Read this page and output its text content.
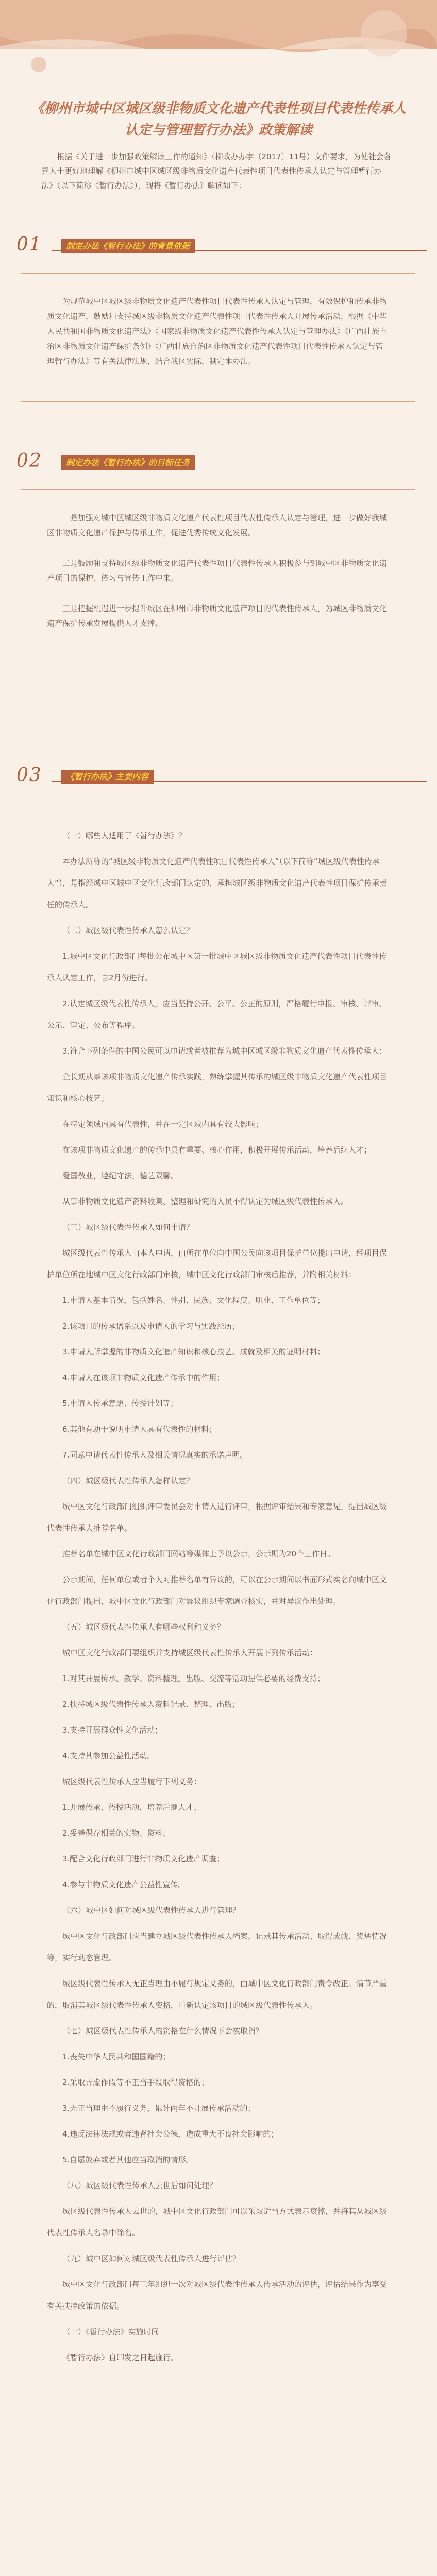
《柳州市城中区城区级非物质文化遗产代表性项目代表性传承人认定与管理暂行办法》政策解读
根据《关于进一步加强政策解读工作的通知》（柳政办办字〔2017〕11号）文件要求，为使社会各界人士更好地理解《柳州市城中区城区级非物质文化遗产代表性项目代表性传承人认定与管理暂行办法》（以下简称《暂行办法》），现将《暂行办法》解读如下：
01	制定办法《暂行办法》的背景依据

为规范城中区城区级非物质文化遗产代表性项目代表性传承人认定与管理，有效保护和传承非物质文化遗产，鼓励和支持城区级非物质文化遗产代表性项目代表性传承人开展传承活动，根据《中华人民共和国非物质文化遗产法》《国家级非物质文化遗产代表性传承人认定与管理办法》《广西壮族自治区非物质文化遗产保护条例》《广西壮族自治区非物质文化遗产代表性项目代表性传承人认定与管理暂行办法》等有关法律法规，结合我区实际，制定本办法。

02	制定办法《暂行办法》的目标任务

一是加强对城中区城区级非物质文化遗产代表性项目代表性传承人认定与管理，进一步做好我城区非物质文化遗产保护与传承工作，促进优秀传统文化发展。

二是鼓励和支持城区级非物质文化遗产代表性项目代表性传承人积极参与到城中区非物质文化遗产项目的保护、传习与宣传工作中来。

三是把握机遇进一步提升城区在柳州市非物质文化遗产项目的代表性传承人，为城区非物质文化遗产保护传承发展提供人才支撑。

03	《暂行办法》主要内容

（一）哪些人适用于《暂行办法》？

本办法所称的“城区级非物质文化遗产代表性项目代表性传承人”（以下简称“城区级代表性传承人”），是指经城中区城中区文化行政部门认定的，承担城区级非物质文化遗产代表性项目保护传承责任的传承人。

（二）城区级代表性传承人怎么认定？

1.城中区文化行政部门每批公布城中区第一批城中区城区级非物质文化遗产代表性项目代表性传承人认定工作，自2月份进行。

2.认定城区级代表性传承人，应当坚持公开、公平、公正的原则，严格履行申报、审核、评审、公示、审定、公布等程序。

3.符合下列条件的中国公民可以申请或者被推荐为城中区城区级非物质文化遗产代表性传承人：

企长期从事该项非物质文化遗产传承实践，熟练掌握其传承的城区级非物质文化遗产代表性项目知识和核心技艺；

在特定领域内具有代表性，并在一定区域内具有较大影响；

在该项非物质文化遗产的传承中具有重要、核心作用，积极开展传承活动，培养后继人才；

爱国敬业，遵纪守法，德艺双馨。

从事非物质文化遗产资料收集、整理和研究的人员不得认定为城区级代表性传承人。

（三）城区级代表性传承人如何申请？

城区级代表性传承人由本人申请，由所在单位向中国公民向该项目保护单位提出申请，经项目保护单位所在地城中区文化行政部门审核，城中区文化行政部门审核后推荐，并附相关材料：

1.申请人基本情况，包括姓名、性别、民族、文化程度、职业、工作单位等；

2.该项目的传承谱系以及申请人的学习与实践经历；

3.申请人所掌握的非物质文化遗产知识和核心技艺、成就及相关的证明材料；

4.申请人在该项非物质文化遗产传承中的作用；

5.申请人传承意愿、传授计划等；

6.其他有助于说明申请人具有代表性的材料；

7.同意申请代表性传承人及相关情况真实的承诺声明。

（四）城区级代表性传承人怎样认定？

城中区文化行政部门组织评审委员会对申请人进行评审，根据评审结果和专家意见，提出城区级代表性传承人推荐名单。

推荐名单在城中区文化行政部门网站等媒体上予以公示，公示期为20个工作日。

公示期间，任何单位或者个人对推荐名单有异议的，可以在公示期间以书面形式实名向城中区文化行政部门提出，城中区文化行政部门对异议组织专家调查核实，并对异议作出处理。

（五）城区级代表性传承人有哪些权利和义务？

城中区文化行政部门要组织并支持城区级代表性传承人开展下列传承活动：

1.对其开展传承、教学、资料整理、出版、交流等活动提供必要的经费支持；

2.扶持城区级代表性传承人资料记录、整理、出版；

3.支持开展群众性文化活动；

4.支持其参加公益性活动。

城区级代表性传承人应当履行下列义务：

1.开展传承、传授活动，培养后继人才；

2.妥善保存相关的实物、资料；

3.配合文化行政部门进行非物质文化遗产调查；

4.参与非物质文化遗产公益性宣传。

（六）城中区如何对城区级代表性传承人进行管理？

城中区文化行政部门应当建立城区级代表性传承人档案，记录其传承活动、取得成就、奖惩情况等，实行动态管理。

城区级代表性传承人无正当理由不履行规定义务的，由城中区文化行政部门责令改正；情节严重的，取消其城区级代表性传承人资格，重新认定该项目的城区级代表性传承人。

（七）城区级代表性传承人的资格在什么情况下会被取消？

1.丧失中华人民共和国国籍的；

2.采取弄虚作假等不正当手段取得资格的；

3.无正当理由不履行义务，累计两年不开展传承活动的；

4.违反法律法规或者违背社会公德，造成重大不良社会影响的；

5.自愿放弃或者其他应当取消的情形。

（八）城区级代表性传承人去世后如何处理？

城区级代表性传承人去世的，城中区文化行政部门可以采取适当方式表示哀悼，并将其从城区级代表性传承人名录中除名。

（九）城中区如何对城区级代表性传承人进行评估？

城中区文化行政部门每三年组织一次对城区级代表性传承人传承活动的评估，评估结果作为享受有关扶持政策的依据。

（十）《暂行办法》实施时间

《暂行办法》自印发之日起施行。
